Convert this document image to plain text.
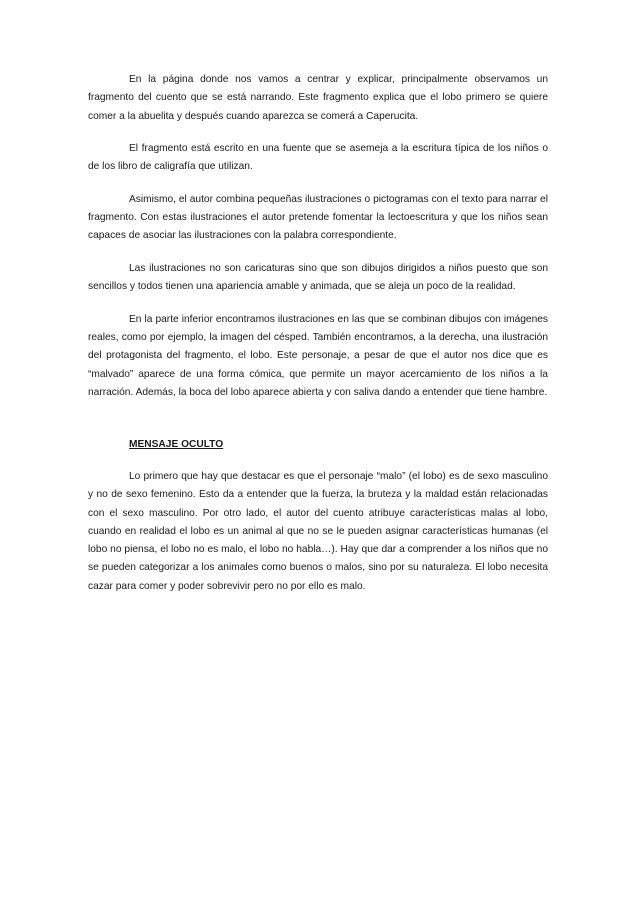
En la página donde nos vamos a centrar y explicar, principalmente observamos un fragmento del cuento que se está narrando. Este fragmento explica que el lobo primero se quiere comer a la abuelita y después cuando aparezca se comerá a Caperucita.

El fragmento está escrito en una fuente que se asemeja a la escritura típica de los niños o de los libro de caligrafía que utilizan.

Asimismo, el autor combina pequeñas ilustraciones o pictogramas con el texto para narrar el fragmento. Con estas ilustraciones el autor pretende fomentar la lectoescritura y que los niños sean capaces de asociar las ilustraciones con la palabra correspondiente.

Las ilustraciones no son caricaturas sino que son dibujos dirigidos a niños puesto que son sencillos y todos tienen una apariencia amable y animada, que se aleja un poco de la realidad.

En la parte inferior encontramos ilustraciones en las que se combinan dibujos con imágenes reales, como por ejemplo, la imagen del césped. También encontramos, a la derecha, una ilustración del protagonista del fragmento, el lobo. Este personaje, a pesar de que el autor nos dice que es “malvado” aparece de una forma cómica, que permite un mayor acercamiento de los niños a la narración. Además, la boca del lobo aparece abierta y con saliva dando a entender que tiene hambre.

MENSAJE OCULTO

Lo primero que hay que destacar es que el personaje “malo” (el lobo) es de sexo masculino y no de sexo femenino. Esto da a entender que la fuerza, la bruteza y la maldad están relacionadas con el sexo masculino. Por otro lado, el autor del cuento atribuye características malas al lobo, cuando en realidad el lobo es un animal al que no se le pueden asignar características humanas (el lobo no piensa, el lobo no es malo, el lobo no habla…). Hay que dar a comprender a los niños que no se pueden categorizar a los animales como buenos o malos, sino por su naturaleza. El lobo necesita cazar para comer y poder sobrevivir pero no por ello es malo.
